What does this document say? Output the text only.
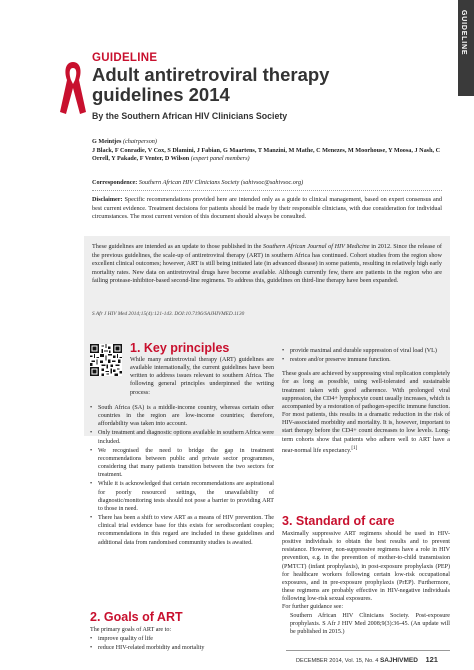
GUIDELINE
GUIDELINE
Adult antiretroviral therapy guidelines 2014
By the Southern African HIV Clinicians Society
G Meintjes (chairperson)
J Black, F Conradie, V Cox, S Dlamini, J Fabian, G Maartens, T Manzini, M Mathe, C Menezes, M Moorhouse, Y Moosa, J Nash, C Orrell, Y Pakade, F Venter, D Wilson (expert panel members)
Correspondence: Southern African HIV Clinicians Society (sahivsoc@sahivsoc.org)
Disclaimer: Specific recommendations provided here are intended only as a guide to clinical management, based on expert consensus and best current evidence. Treatment decisions for patients should be made by their responsible clinicians, with due consideration for individual circumstances. The most current version of this document should always be consulted.
These guidelines are intended as an update to those published in the Southern African Journal of HIV Medicine in 2012. Since the release of the previous guidelines, the scale-up of antiretroviral therapy (ART) in southern Africa has continued. Cohort studies from the region show excellent clinical outcomes; however, ART is still being initiated late (in advanced disease) in some patients, resulting in relatively high early mortality rates. New data on antiretroviral drugs have become available. Although currently few, there are patients in the region who are failing protease-inhibitor-based second-line regimens. To address this, guidelines on third-line therapy have been expanded.
S Afr J HIV Med 2014;15(4):121-143. DOI:10.7196/SAJHIVMED.1130
1. Key principles

While many antiretroviral therapy (ART) guidelines are available internationally, the current guidelines have been written to address issues relevant to southern Africa. The following general principles underpinned the writing process:

• South Africa (SA) is a middle-income country, whereas certain other countries in the region are low-income countries; therefore, affordability was taken into account.
• Only treatment and diagnostic options available in southern Africa were included.
• We recognised the need to bridge the gap in treatment recommendations between public and private sector programmes, considering that many patients transition between the two sectors for treatment.
• While it is acknowledged that certain recommendations are aspirational for poorly resourced settings, the unavailability of diagnostic/monitoring tests should not pose a barrier to providing ART to those in need.
• There has been a shift to view ART as a means of HIV prevention. The clinical trial evidence base for this exists for serodiscordant couples; recommendations in this regard are included in these guidelines and additional data from randomised community studies is awaited.
2. Goals of ART

The primary goals of ART are to:

• improve quality of life
• reduce HIV-related morbidity and mortality
• provide maximal and durable suppression of viral load (VL)
• restore and/or preserve immune function.

These goals are achieved by suppressing viral replication completely for as long as possible, using well-tolerated and sustainable treatment taken with good adherence. With prolonged viral suppression, the CD4+ lymphocyte count usually increases, which is accompanied by a restoration of pathogen-specific immune function. For most patients, this results in a dramatic reduction in the risk of HIV-associated morbidity and mortality. It is, however, important to start therapy before the CD4+ count decreases to low levels. Long-term cohorts show that patients who adhere well to ART have a near-normal life expectancy.[1]

3. Standard of care

Maximally suppressive ART regimens should be used in HIV-positive individuals to obtain the best results and to prevent resistance. However, non-suppressive regimens have a role in HIV prevention, e.g. in the prevention of mother-to-child transmission (PMTCT) (infant prophylaxis), in post-exposure prophylaxis (PEP) for healthcare workers following certain low-risk occupational exposures, and in pre-exposure prophylaxis (PrEP). Furthermore, these regimens are probably effective in HIV-negative individuals following low-risk sexual exposures.

For further guidance see:

Southern African HIV Clinicians Society. Post-exposure prophylaxis. S Afr J HIV Med 2008;9(3):36-45. (An update will be published in 2015.)

DECEMBER 2014, Vol. 15, No. 4 SAJHIVMED 121
